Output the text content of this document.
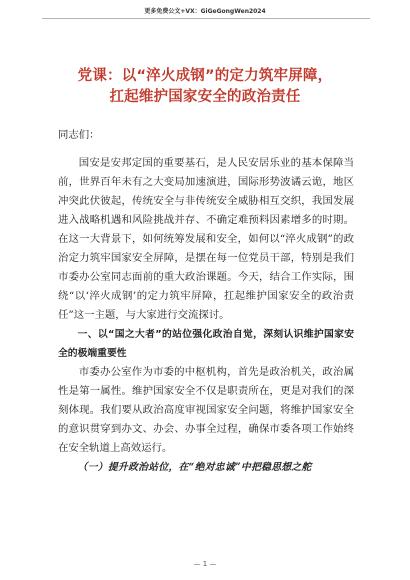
更多免费公文+VX：GiGeGongWen2024
党课：以“淬火成钢”的定力筑牢屏障，
扛起维护国家安全的政治责任

同志们：

国安是安邦定国的重要基石，是人民安居乐业的基本保障当前，世界百年未有之大变局加速演进，国际形势波谲云诡，地区冲突此伏彼起，传统安全与非传统安全威胁相互交织，我国发展进入战略机遇和风险挑战并存、不确定难预料因素增多的时期。在这一大背景下，如何统筹发展和安全，如何以“淬火成钢”的政治定力筑牢国家安全屏障，是摆在每一位党员干部，特别是我们市委办公室同志面前的重大政治课题。今天，结合工作实际，围绕“以‘淬火成钢’的定力筑牢屏障，扛起维护国家安全的政治责任”这一主题，与大家进行交流探讨。

一、以“国之大者”的站位强化政治自觉，深刻认识维护国家安全的极端重要性

市委办公室作为市委的中枢机构，首先是政治机关，政治属性是第一属性。维护国家安全不仅是职责所在，更是对我们的深刻体现。我们要从政治高度审视国家安全问题，将维护国家安全的意识贯穿到办文、办会、办事全过程，确保市委各项工作始终在安全轨道上高效运行。

（一）提升政治站位，在“绝对忠诚”中把稳思想之舵

— 1 —
